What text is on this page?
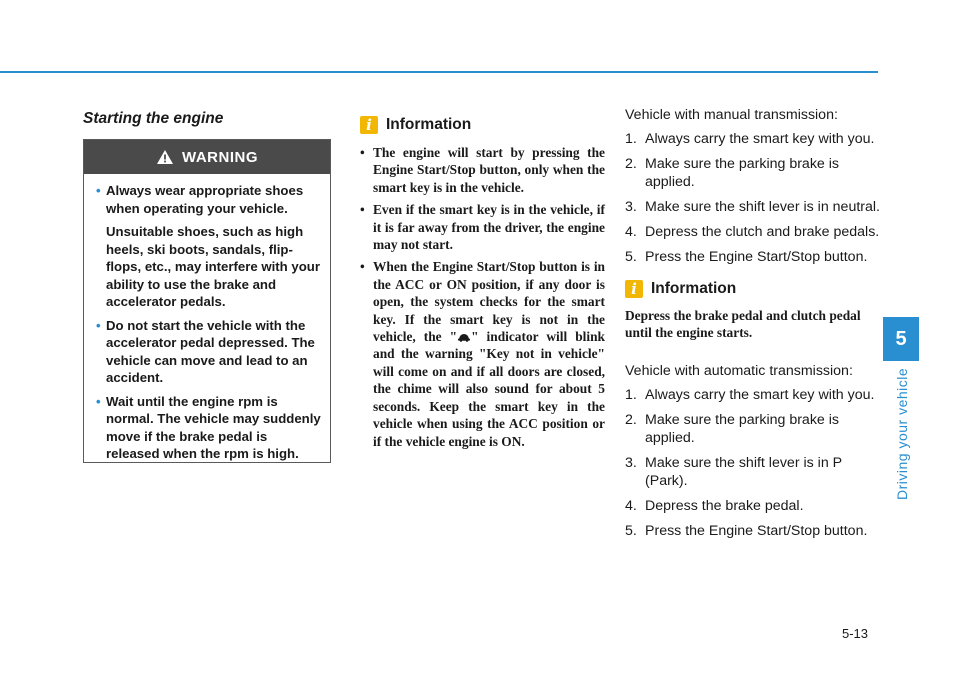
5
Driving your vehicle
Starting the engine
WARNING
• Always wear appropriate shoes when operating your vehicle.

Unsuitable shoes, such as high heels, ski boots, sandals, flip-flops, etc., may interfere with your ability to use the brake and accelerator pedals.

• Do not start the vehicle with the accelerator pedal depressed. The vehicle can move and lead to an accident.
• Wait until the engine rpm is normal. The vehicle may suddenly move if the brake pedal is released when the rpm is high.
i Information
• The engine will start by pressing the Engine Start/Stop button, only when the smart key is in the vehicle.
• Even if the smart key is in the vehicle, if it is far away from the driver, the engine may not start.
• When the Engine Start/Stop button is in the ACC or ON position, if any door is open, the system checks for the smart key. If the smart key is not in the vehicle, the " " indicator will blink and the warning "Key not in vehicle" will come on and if all doors are closed, the chime will also sound for about 5 seconds. Keep the smart key in the vehicle when using the ACC position or if the vehicle engine is ON.
Vehicle with manual transmission:
1. Always carry the smart key with you.
2. Make sure the parking brake is applied.
3. Make sure the shift lever is in neutral.
4. Depress the clutch and brake pedals.
5. Press the Engine Start/Stop button.
i Information
Depress the brake pedal and clutch pedal until the engine starts.
Vehicle with automatic transmission:
1. Always carry the smart key with you.
2. Make sure the parking brake is applied.
3. Make sure the shift lever is in P (Park).
4. Depress the brake pedal.
5. Press the Engine Start/Stop button.
5-13
